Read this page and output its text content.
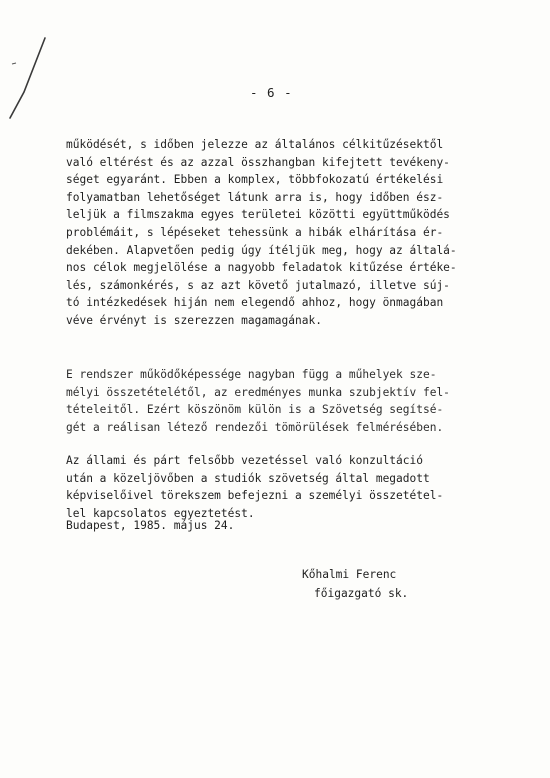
- 6 -
működését, s időben jelezze az általános célkitűzésektől
való eltérést és az azzal összhangban kifejtett tevékeny-
séget egyaránt. Ebben a komplex, többfokozatú értékelési
folyamatban lehetőséget látunk arra is, hogy időben ész-
leljük a filmszakma egyes területei közötti együttműködés
problémáit, s lépéseket tehessünk a hibák elhárítása ér-
dekében. Alapvetően pedig úgy ítéljük meg, hogy az általá-
nos célok megjelölése a nagyobb feladatok kitűzése értéke-
lés, számonkérés, s az azt követő jutalmazó, illetve súj-
tó intézkedések hiján nem elegendő ahhoz, hogy önmagában
véve érvényt is szerezzen magamagának.
E rendszer működőképessége nagyban függ a műhelyek sze-
mélyi összetételétől, az eredményes munka szubjektív fel-
tételeitől. Ezért köszönöm külön is a Szövetség segítsé-
gét a reálisan létező rendezői tömörülések felmérésében.
Az állami és párt felsőbb vezetéssel való konzultáció
után a közeljövőben a studiók szövetség által megadott
képviselőivel törekszem befejezni a személyi összetétel-
lel kapcsolatos egyeztetést.
Budapest, 1985. május 24.
Kőhalmi Ferenc
főigazgató sk.
